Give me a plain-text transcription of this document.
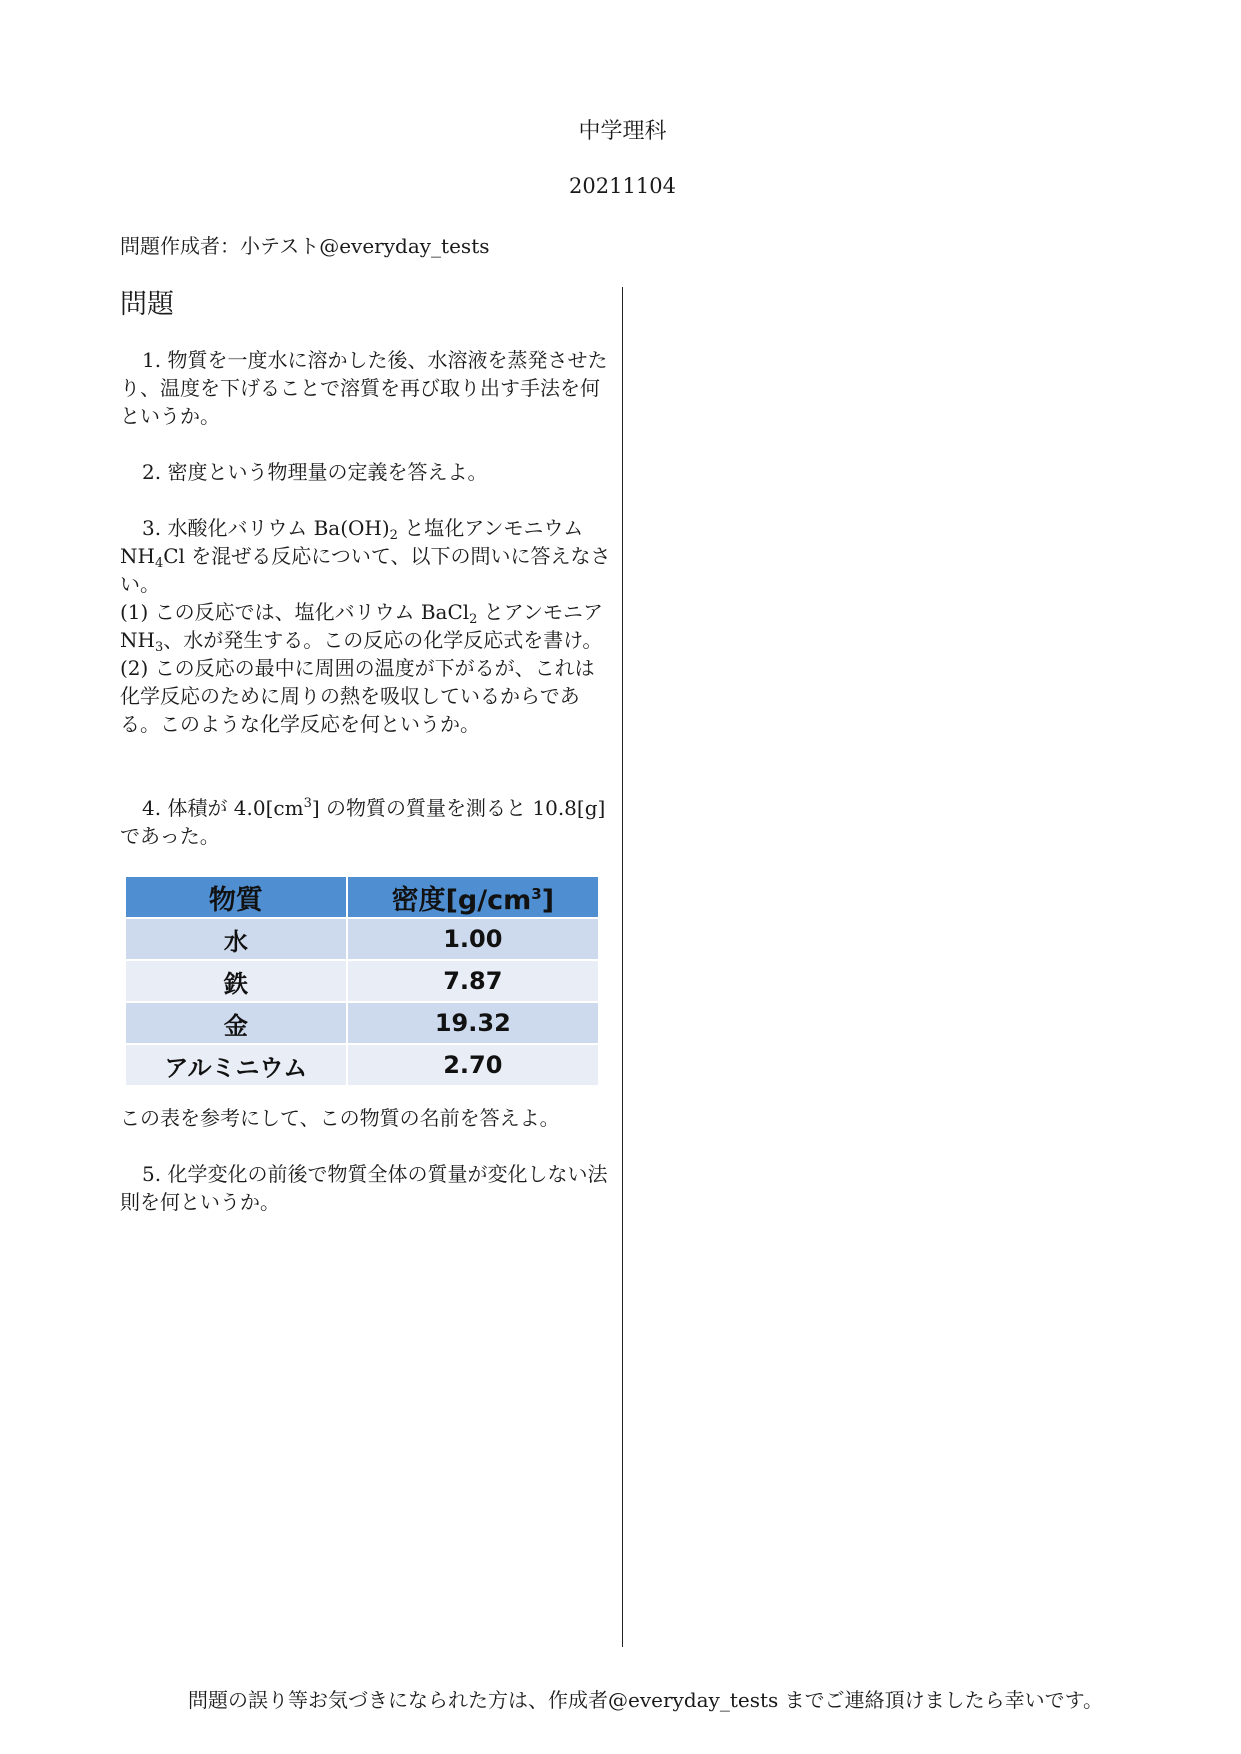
中学理科
20211104
問題作成者：小テスト@everyday_tests
問題

1. 物質を一度水に溶かした後、水溶液を蒸発させたり、温度を下げることで溶質を再び取り出す手法を何というか。

2. 密度という物理量の定義を答えよ。

3. 水酸化バリウム $Ba(OH)_2$ と塩化アンモニウム $NH_4Cl$ を混ぜる反応について、以下の問いに答えなさい。

(1) この反応では、塩化バリウム BaCl$_2$ とアンモニア $NH_3$、水が発生する。この反応の化学反応式を書け。

(2) この反応の最中に周囲の温度が下がるが、これは化学反応のために周りの熱を吸収しているからである。このような化学反応を何というか。

4. 体積が $4.0[cm^3]$ の物質の質量を測ると 10.8[g] であった。

物質	密度$[g/cm^3]$
水	1.00
鉄	7.87
金	19.32
アルミニウム	2.70

この表を参考にして、この物質の名前を答えよ。

5. 化学変化の前後で物質全体の質量が変化しない法則を何というか。

問題の誤り等お気づきになられた方は、作成者@everyday_tests までご連絡頂けましたら幸いです。
